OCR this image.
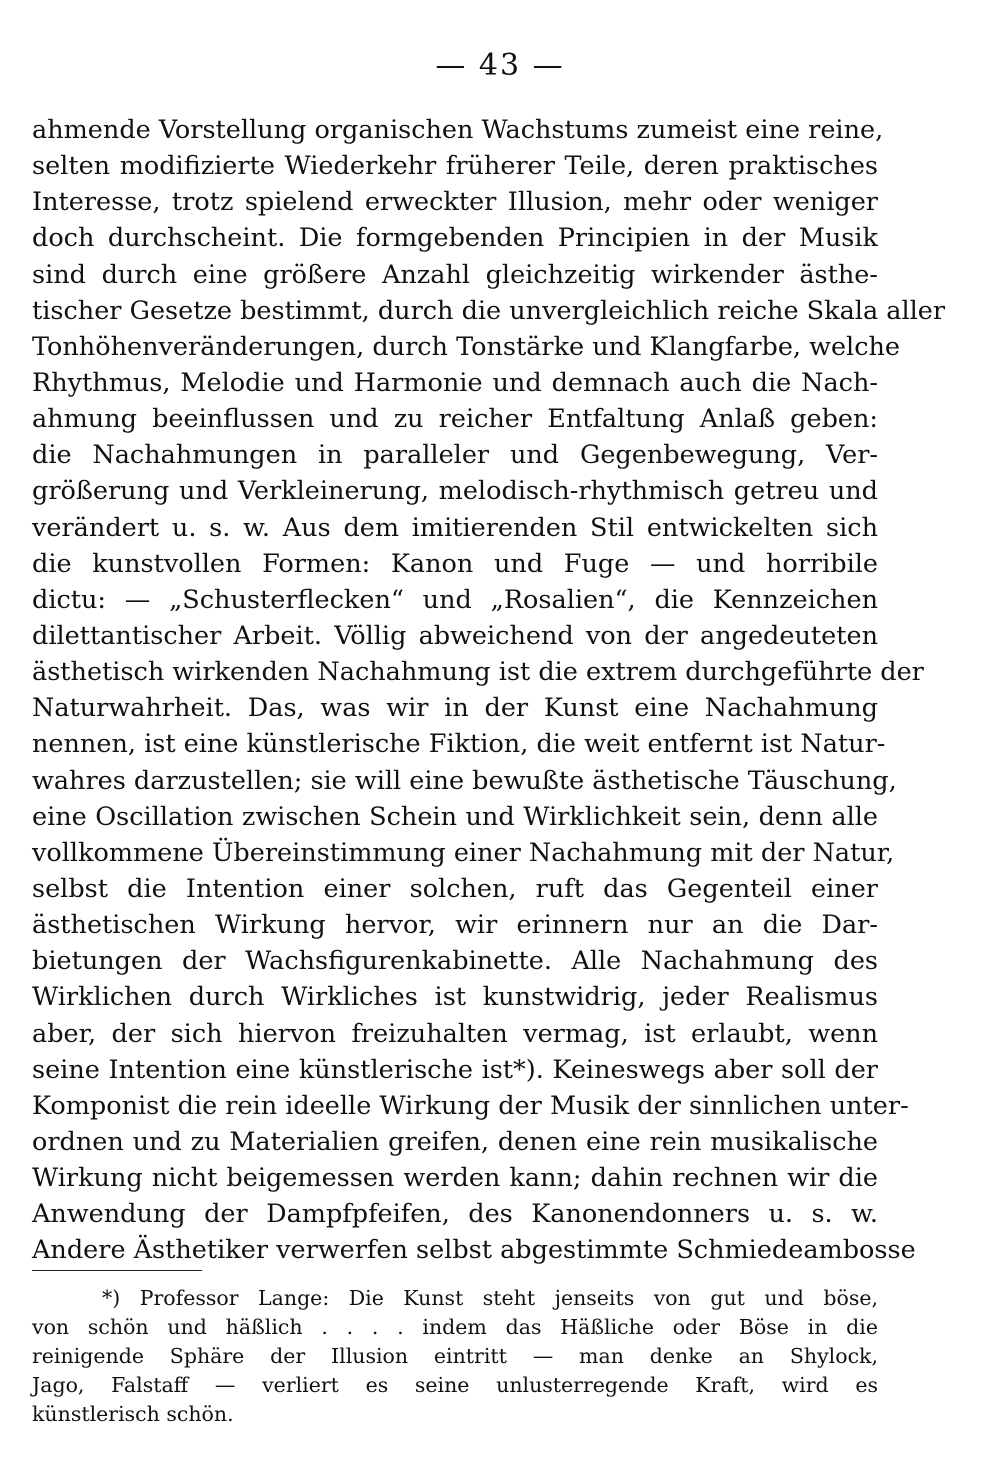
— 43 —
ahmende Vorstellung organischen Wachstums zumeist eine reine,
selten modifizierte Wiederkehr früherer Teile, deren praktisches
Interesse, trotz spielend erweckter Illusion, mehr oder weniger
doch durchscheint. Die formgebenden Principien in der Musik
sind durch eine größere Anzahl gleichzeitig wirkender ästhe-
tischer Gesetze bestimmt, durch die unvergleichlich reiche Skala aller
Tonhöhenveränderungen, durch Tonstärke und Klangfarbe, welche
Rhythmus, Melodie und Harmonie und demnach auch die Nach-
ahmung beeinflussen und zu reicher Entfaltung Anlaß geben:
die Nachahmungen in paralleler und Gegenbewegung, Ver-
größerung und Verkleinerung, melodisch-rhythmisch getreu und
verändert u. s. w. Aus dem imitierenden Stil entwickelten sich
die kunstvollen Formen: Kanon und Fuge — und horribile
dictu: — „Schusterflecken“ und „Rosalien“, die Kennzeichen
dilettantischer Arbeit. Völlig abweichend von der angedeuteten
ästhetisch wirkenden Nachahmung ist die extrem durchgeführte der
Naturwahrheit. Das, was wir in der Kunst eine Nachahmung
nennen, ist eine künstlerische Fiktion, die weit entfernt ist Natur-
wahres darzustellen; sie will eine bewußte ästhetische Täuschung,
eine Oscillation zwischen Schein und Wirklichkeit sein, denn alle
vollkommene Übereinstimmung einer Nachahmung mit der Natur,
selbst die Intention einer solchen, ruft das Gegenteil einer
ästhetischen Wirkung hervor, wir erinnern nur an die Dar-
bietungen der Wachsfigurenkabinette. Alle Nachahmung des
Wirklichen durch Wirkliches ist kunstwidrig, jeder Realismus
aber, der sich hiervon freizuhalten vermag, ist erlaubt, wenn
seine Intention eine künstlerische ist*). Keineswegs aber soll der
Komponist die rein ideelle Wirkung der Musik der sinnlichen unter-
ordnen und zu Materialien greifen, denen eine rein musikalische
Wirkung nicht beigemessen werden kann; dahin rechnen wir die
Anwendung der Dampfpfeifen, des Kanonendonners u. s. w.
Andere Ästhetiker verwerfen selbst abgestimmte Schmiedeambosse
*) Professor Lange: Die Kunst steht jenseits von gut und böse,
von schön und häßlich . . . . indem das Häßliche oder Böse in die
reinigende Sphäre der Illusion eintritt — man denke an Shylock,
Jago, Falstaff — verliert es seine unlusterregende Kraft, wird es
künstlerisch schön.
